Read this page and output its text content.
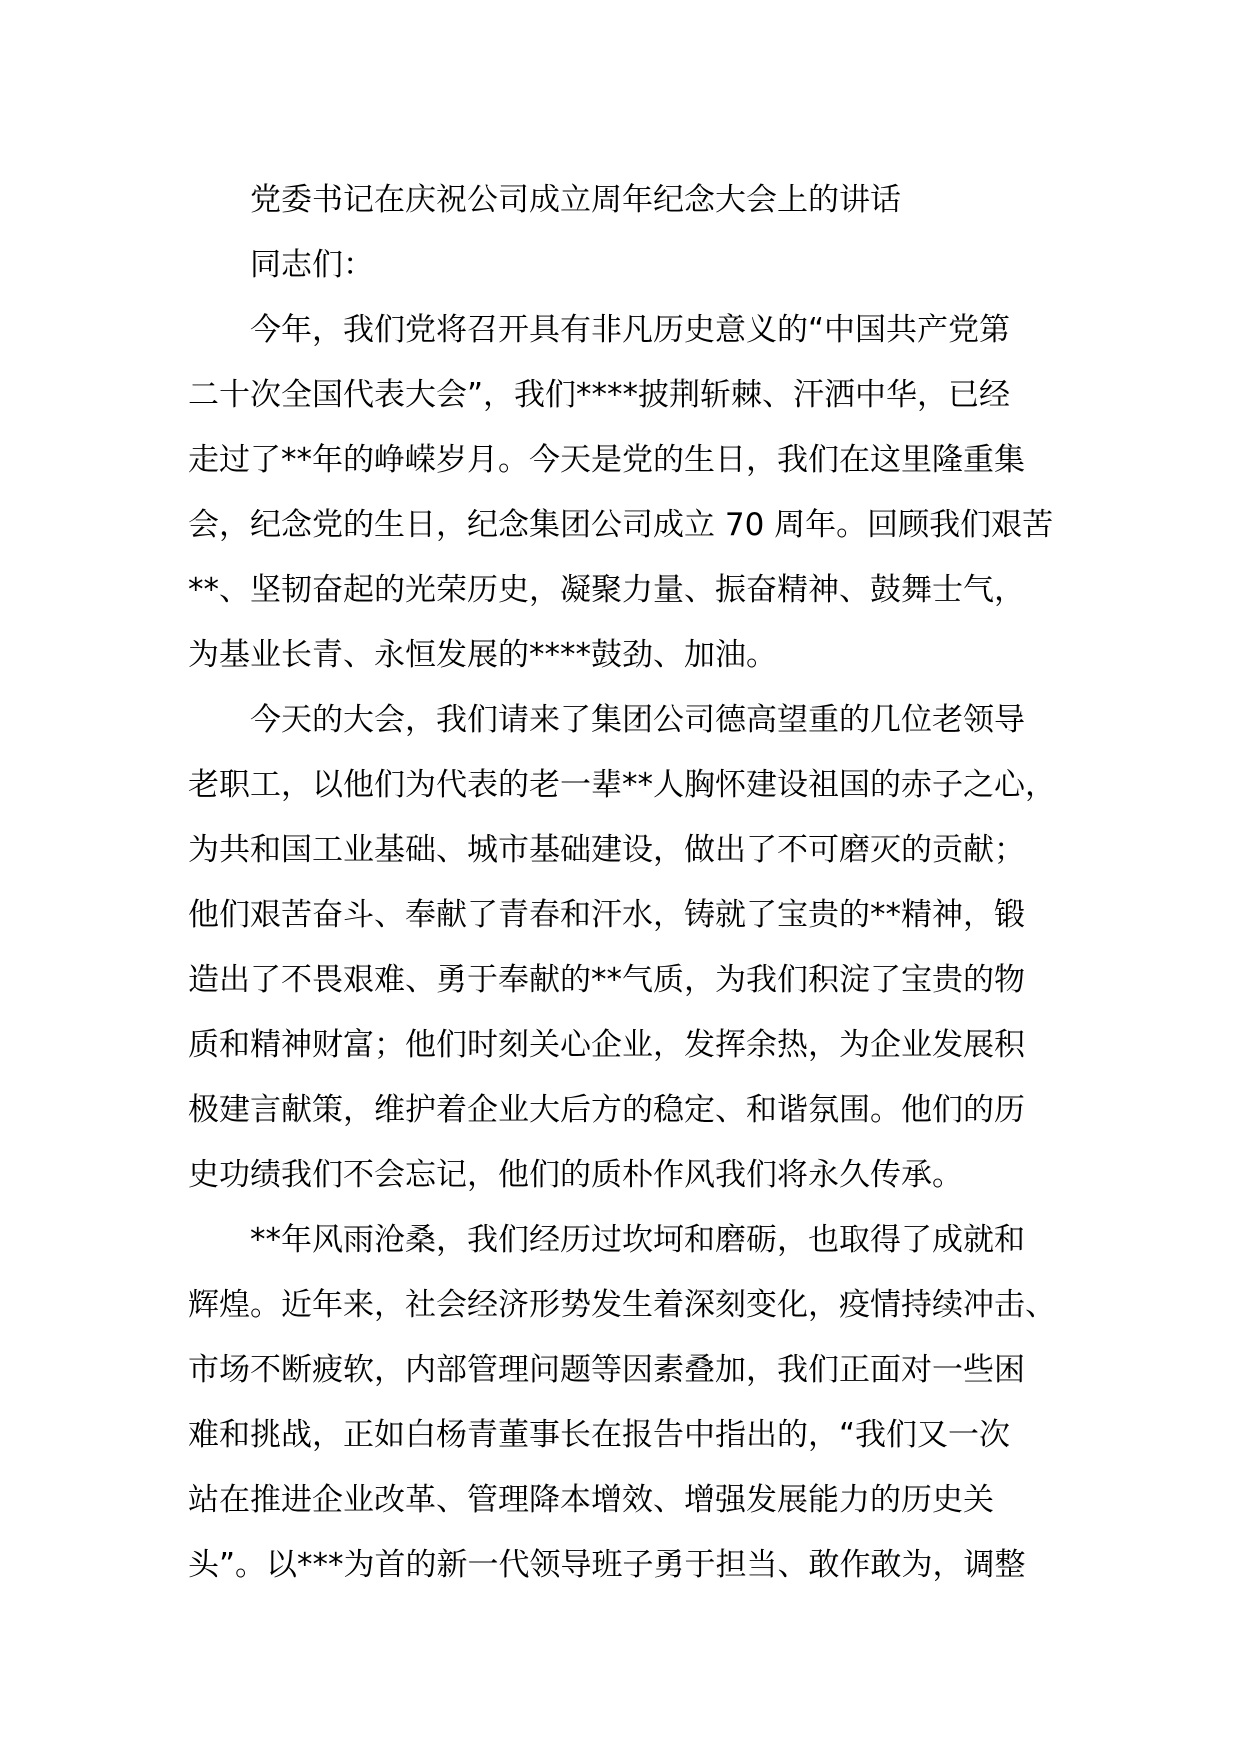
党委书记在庆祝公司成立周年纪念大会上的讲话
同志们：
今年，我们党将召开具有非凡历史意义的“中国共产党第
二十次全国代表大会”，我们****披荆斩棘、汗洒中华，已经
走过了**年的峥嵘岁月。今天是党的生日，我们在这里隆重集
会，纪念党的生日，纪念集团公司成立 70 周年。回顾我们艰苦
**、坚韧奋起的光荣历史，凝聚力量、振奋精神、鼓舞士气，
为基业长青、永恒发展的****鼓劲、加油。
今天的大会，我们请来了集团公司德高望重的几位老领导
老职工，以他们为代表的老一辈**人胸怀建设祖国的赤子之心，
为共和国工业基础、城市基础建设，做出了不可磨灭的贡献；
他们艰苦奋斗、奉献了青春和汗水，铸就了宝贵的**精神，锻
造出了不畏艰难、勇于奉献的**气质，为我们积淀了宝贵的物
质和精神财富；他们时刻关心企业，发挥余热，为企业发展积
极建言献策，维护着企业大后方的稳定、和谐氛围。他们的历
史功绩我们不会忘记，他们的质朴作风我们将永久传承。
**年风雨沧桑，我们经历过坎坷和磨砺，也取得了成就和
辉煌。近年来，社会经济形势发生着深刻变化，疫情持续冲击、
市场不断疲软，内部管理问题等因素叠加，我们正面对一些困
难和挑战，正如白杨青董事长在报告中指出的，“我们又一次
站在推进企业改革、管理降本增效、增强发展能力的历史关
头”。以***为首的新一代领导班子勇于担当、敢作敢为，调整
